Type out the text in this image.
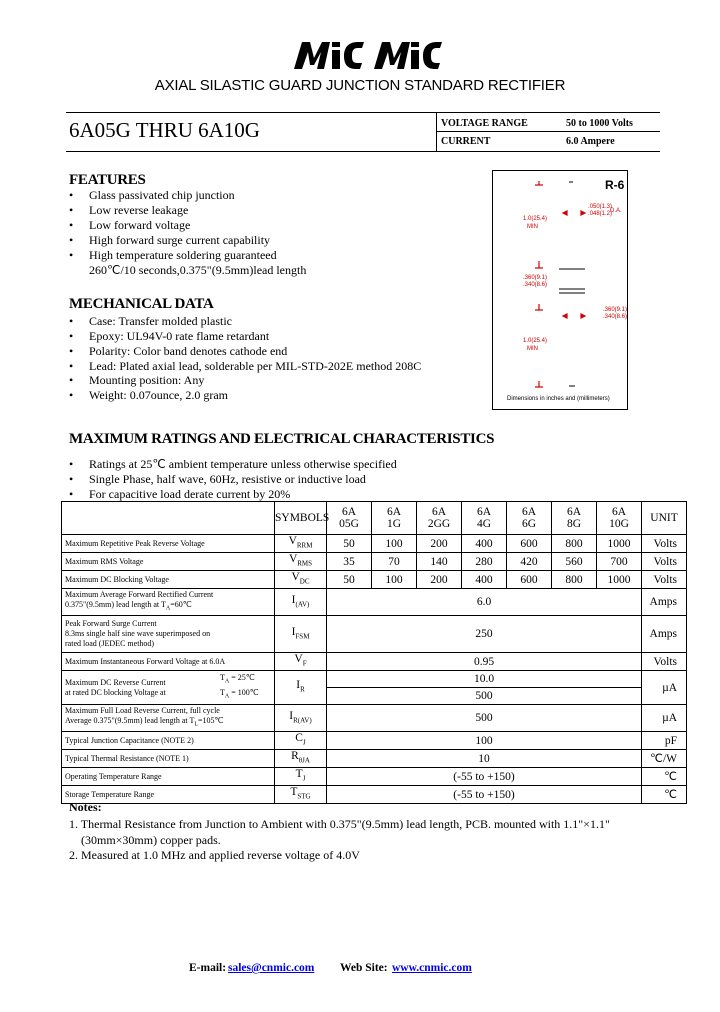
AXIAL SILASTIC GUARD JUNCTION STANDARD RECTIFIER
6A05G THRU 6A10G	VOLTAGE RANGE	50 to 1000 Volts
CURRENT	6.0 Ampere
FEATURES
• Glass passivated chip junction
• Low reverse leakage
• Low forward voltage
• High forward surge current capability
• High temperature soldering guaranteed
260℃/10 seconds,0.375"(9.5mm)lead length
MECHANICAL DATA
• Case: Transfer molded plastic
• Epoxy: UL94V-0 rate flame retardant
• Polarity: Color band denotes cathode end
• Lead: Plated axial lead, solderable per MIL-STD-202E method 208C
• Mounting position: Any
• Weight: 0.07ounce, 2.0 gram
R-6
.050(1.3)
.048(1.2)
D.A.
1.0(25.4)
MIN
.360(9.1)
.340(8.6)
.360(9.1)
.340(8.6)
1.0(25.4)
MIN
Dimensions in inches and (millimeters)
MAXIMUM RATINGS AND ELECTRICAL CHARACTERISTICS
• Ratings at 25℃ ambient temperature unless otherwise specified
• Single Phase, half wave, 60Hz, resistive or inductive load
• For capacitive load derate current by 20%
	SYMBOLS	6A
05G	6A
1G	6A
2GG	6A
4G	6A
6G	6A
8G	6A
10G	UNIT
Maximum Repetitive Peak Reverse Voltage	$V_{RRM}$	50	100	200	400	600	800	1000	Volts
Maximum RMS Voltage	$V_{RMS}$	35	70	140	280	420	560	700	Volts
Maximum DC Blocking Voltage	$V_{DC}$	50	100	200	400	600	800	1000	Volts
Maximum Average Forward Rectified Current
0.375"(9.5mm) lead length at $T_A=60℃$	$I_{(AV)}$	6.0							Amps
Peak Forward Surge Current
8.3ms single half sine wave superimposed on
rated load (JEDEC method)	$I_{FSM}$	250							Amps
Maximum Instantaneous Forward Voltage at 6.0A	$V_F$	0.95							Volts
Maximum DC Reverse Current
at rated DC blocking Voltage at
$T_A$ = 25℃
$T_A$ = 100℃	$I_R$	10.0							µA
		500							
Maximum Full Load Reverse Current, full cycle
Average 0.375"(9.5mm) lead length at $T_L=105℃$	$I_{R(AV)}$	500							µA
Typical Junction Capacitance (NOTE 2)	$C_J$	100							pF
Typical Thermal Resistance (NOTE 1)	$R_{\theta JA}$	10							℃/W
Operating Temperature Range	$T_J$	(-55 to +150)							℃
Storage Temperature Range	$T_{STG}$	(-55 to +150)							℃
Notes:
1. Thermal Resistance from Junction to Ambient with 0.375"(9.5mm) lead length, PCB. mounted with 1.1"×1.1"
(30mm×30mm) copper pads.
2. Measured at 1.0 MHz and applied reverse voltage of 4.0V
E-mail: sales@cnmic.com Web Site: www.cnmic.com
